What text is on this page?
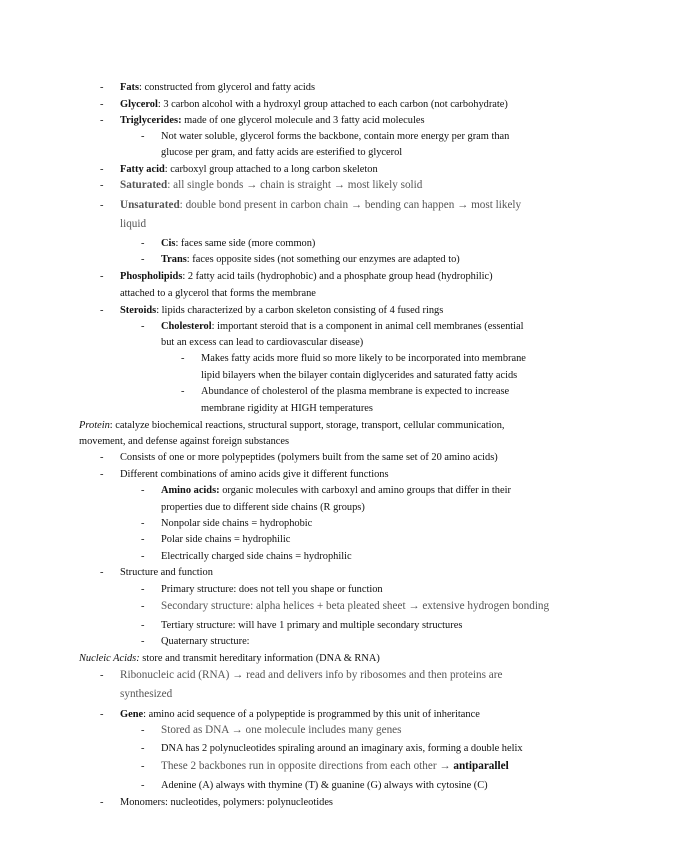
- Fats: constructed from glycerol and fatty acids
- Glycerol: 3 carbon alcohol with a hydroxyl group attached to each carbon (not carbohydrate)
- Triglycerides: made of one glycerol molecule and 3 fatty acid molecules
- Not water soluble, glycerol forms the backbone, contain more energy per gram than
glucose per gram, and fatty acids are esterified to glycerol
- Fatty acid: carboxyl group attached to a long carbon skeleton
- Saturated: all single bonds → chain is straight → most likely solid
- Unsaturated: double bond present in carbon chain → bending can happen → most likely
liquid
- Cis: faces same side (more common)
- Trans: faces opposite sides (not something our enzymes are adapted to)
- Phospholipids: 2 fatty acid tails (hydrophobic) and a phosphate group head (hydrophilic)
attached to a glycerol that forms the membrane
- Steroids: lipids characterized by a carbon skeleton consisting of 4 fused rings
- Cholesterol: important steroid that is a component in animal cell membranes (essential
but an excess can lead to cardiovascular disease)
- Makes fatty acids more fluid so more likely to be incorporated into membrane
lipid bilayers when the bilayer contain diglycerides and saturated fatty acids
- Abundance of cholesterol of the plasma membrane is expected to increase
membrane rigidity at HIGH temperatures
Protein: catalyze biochemical reactions, structural support, storage, transport, cellular communication,
movement, and defense against foreign substances
- Consists of one or more polypeptides (polymers built from the same set of 20 amino acids)
- Different combinations of amino acids give it different functions
- Amino acids: organic molecules with carboxyl and amino groups that differ in their
properties due to different side chains (R groups)
- Nonpolar side chains = hydrophobic
- Polar side chains = hydrophilic
- Electrically charged side chains = hydrophilic
- Structure and function
- Primary structure: does not tell you shape or function
- Secondary structure: alpha helices + beta pleated sheet → extensive hydrogen bonding
- Tertiary structure: will have 1 primary and multiple secondary structures
- Quaternary structure:
Nucleic Acids: store and transmit hereditary information (DNA & RNA)
- Ribonucleic acid (RNA) → read and delivers info by ribosomes and then proteins are
synthesized
- Gene: amino acid sequence of a polypeptide is programmed by this unit of inheritance
- Stored as DNA → one molecule includes many genes
- DNA has 2 polynucleotides spiraling around an imaginary axis, forming a double helix
- These 2 backbones run in opposite directions from each other → antiparallel
- Adenine (A) always with thymine (T) & guanine (G) always with cytosine (C)
- Monomers: nucleotides, polymers: polynucleotides
